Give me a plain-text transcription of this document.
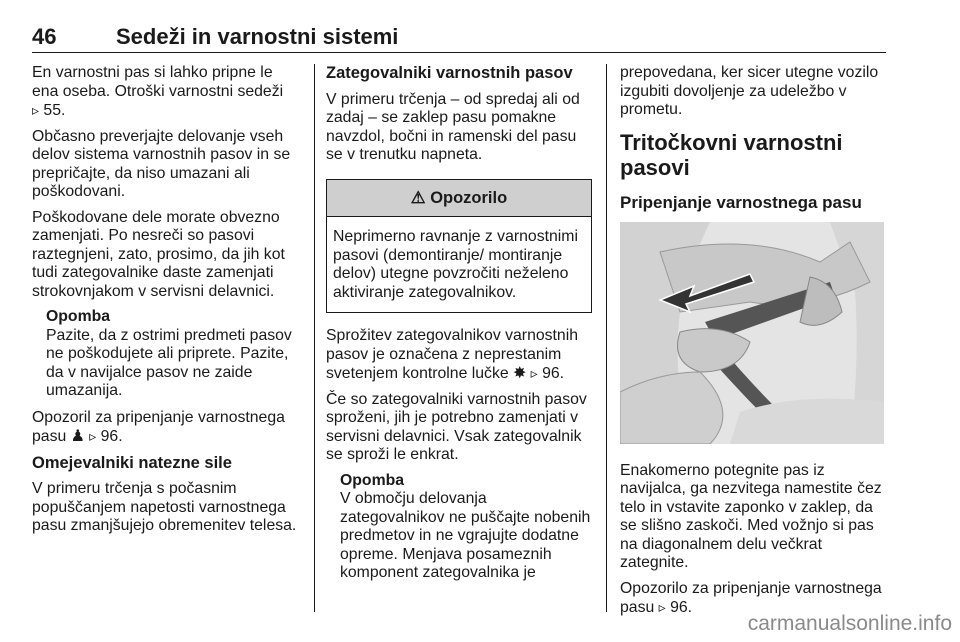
46	Sedeži in varnostni sistemi

En varnostni pas si lahko pripne le ena oseba. Otroški varnostni sedeži
▹ 55.

Občasno preverjajte delovanje vseh delov sistema varnostnih pasov in se prepričajte, da niso umazani ali poškodovani.

Poškodovane dele morate obvezno zamenjati. Po nesreči so pasovi raztegnjeni, zato, prosimo, da jih kot tudi zategovalnike daste zamenjati strokovnjakom v servisni delavnici.

Opomba
Pazite, da z ostrimi predmeti pasov ne poškodujete ali priprete. Pazite, da v navijalce pasov ne zaide umazanija.

Opozoril za pripenjanje varnostnega pasu ♟ ▹ 96.

Omejevalniki natezne sile

V primeru trčenja s počasnim popuščanjem napetosti varnostnega pasu zmanjšujejo obremenitev telesa.

Zategovalniki varnostnih pasov

V primeru trčenja – od spredaj ali od zadaj – se zaklep pasu pomakne navzdol, bočni in ramenski del pasu se v trenutku napneta.

⚠ Opozorilo
Neprimerno ravnanje z varnostnimi pasovi (demontiranje/ montiranje delov) utegne povzročiti neželeno aktiviranje zategovalnikov.

Sprožitev zategovalnikov varnostnih pasov je označena z neprestanim svetenjem kontrolne lučke ✸ ▹ 96.

Če so zategovalniki varnostnih pasov sproženi, jih je potrebno zamenjati v servisni delavnici. Vsak zategovalnik se sproži le enkrat.

Opomba
V območju delovanja zategovalnikov ne puščajte nobenih predmetov in ne vgrajujte dodatne opreme. Menjava posameznih komponent zategovalnika je

prepovedana, ker sicer utegne vozilo izgubiti dovoljenje za udeležbo v prometu.

Tritočkovni varnostni pasovi
Pripenjanje varnostnega pasu

Enakomerno potegnite pas iz navijalca, ga nezvitega namestite čez telo in vstavite zaponko v zaklep, da se slišno zaskoči. Med vožnjo si pas na diagonalnem delu večkrat zategnite.

Opozorilo za pripenjanje varnostnega pasu ▹ 96.

carmanualsonline.info
